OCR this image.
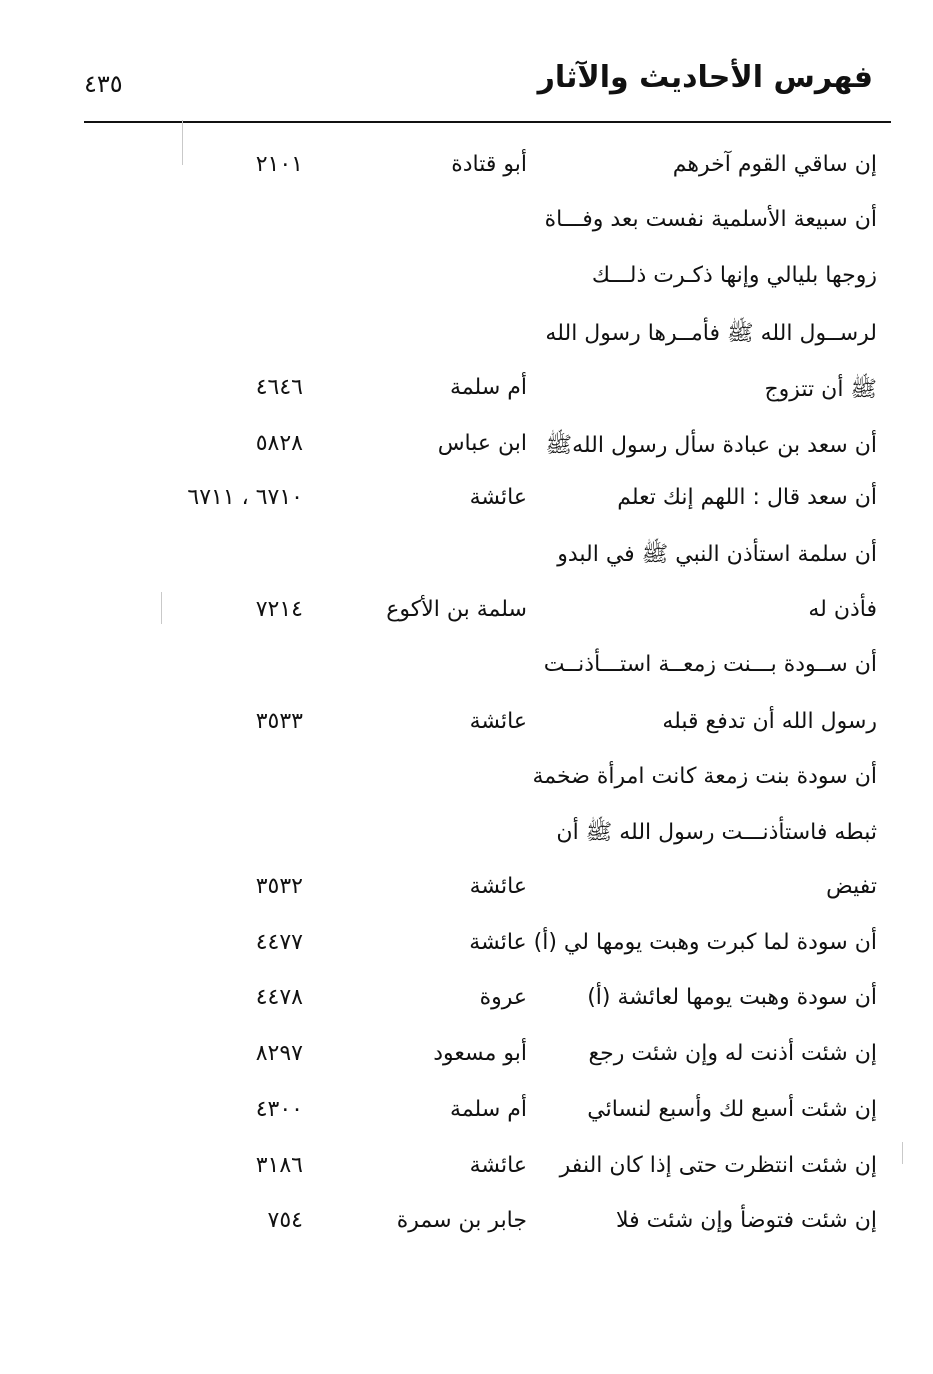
فهرس الأحاديث والآثار
٤٣٥
إن ساقي القوم آخرهم
أبو قتادة
٢١٠١
أن سبيعة الأسلمية نفست بعد وفـــاة
زوجها بليالي وإنها ذكـرت ذلـــك
لرســول الله ﷺ فأمــرها رسول الله
ﷺ أن تتزوج
أم سلمة
٤٦٤٦
أن سعد بن عبادة سأل رسول اللهﷺ
ابن عباس
٥٨٢٨
أن سعد قال : اللهم إنك تعلم
عائشة
٦٧١٠ ، ٦٧١١
أن سلمة استأذن النبي ﷺ في البدو
فأذن له
سلمة بن الأكوع
٧٢١٤
أن ســودة بـــنت زمعــة استـــأذنــت
رسول الله أن تدفع قبله
عائشة
٣٥٣٣
أن سودة بنت زمعة كانت امرأة ضخمة
ثبطه فاستأذنـــت رسول الله ﷺ أن
تفيض
عائشة
٣٥٣٢
أن سودة لما كبرت وهبت يومها لي (أ) عائشة
٤٤٧٧
أن سودة وهبت يومها لعائشة (أ)
عروة
٤٤٧٨
إن شئت أذنت له وإن شئت رجع
أبو مسعود
٨٢٩٧
إن شئت أسبع لك وأسبع لنسائي
أم سلمة
٤٣٠٠
إن شئت انتظرت حتى إذا كان النفر
عائشة
٣١٨٦
إن شئت فتوضأ وإن شئت فلا
جابر بن سمرة
٧٥٤
